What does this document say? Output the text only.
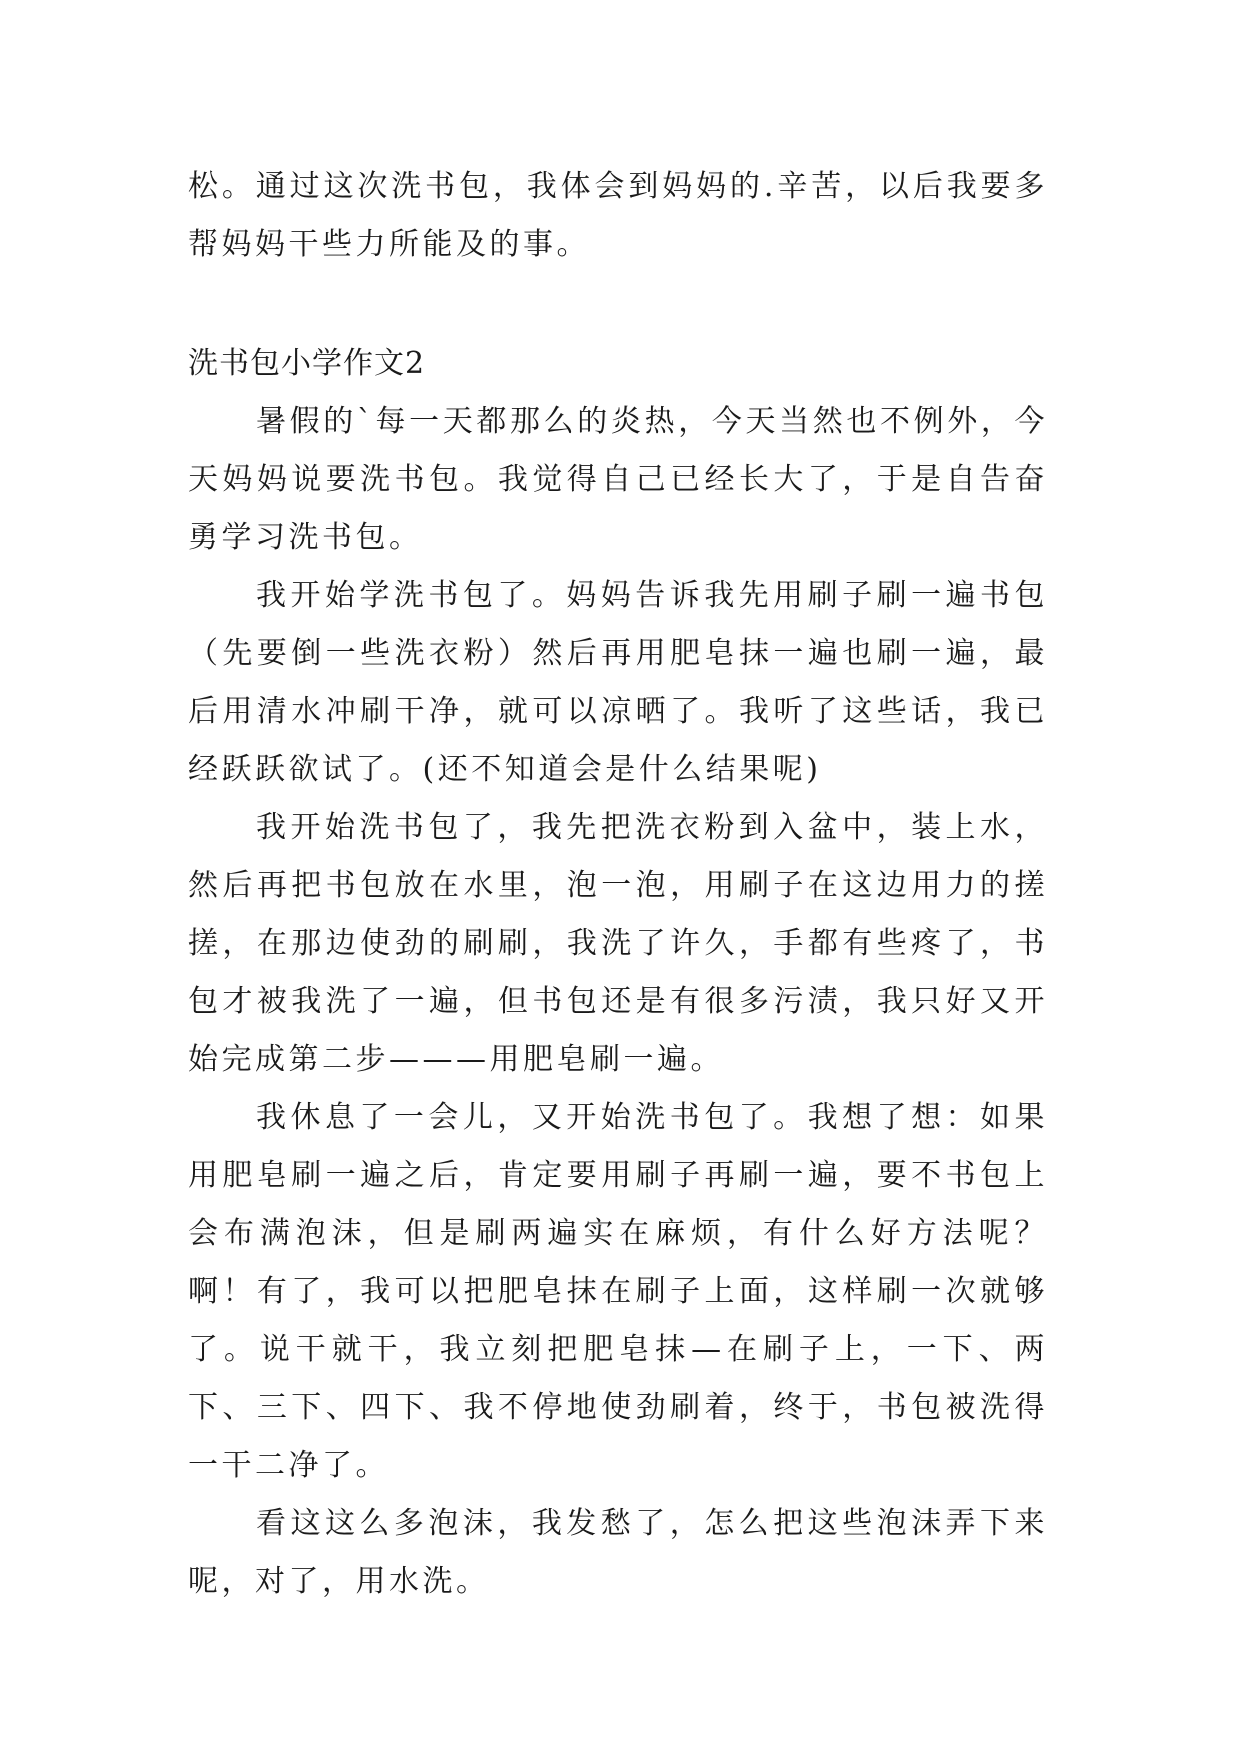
松。通过这次洗书包，我体会到妈妈的.辛苦，以后我要多帮妈妈干些力所能及的事。

洗书包小学作文2

暑假的`每一天都那么的炎热，今天当然也不例外，今天妈妈说要洗书包。我觉得自己已经长大了，于是自告奋勇学习洗书包。

我开始学洗书包了。妈妈告诉我先用刷子刷一遍书包（先要倒一些洗衣粉）然后再用肥皂抹一遍也刷一遍，最后用清水冲刷干净，就可以凉晒了。我听了这些话，我已经跃跃欲试了。(还不知道会是什么结果呢)

我开始洗书包了，我先把洗衣粉到入盆中，装上水，然后再把书包放在水里，泡一泡，用刷子在这边用力的搓搓，在那边使劲的刷刷，我洗了许久，手都有些疼了，书包才被我洗了一遍，但书包还是有很多污渍，我只好又开始完成第二步———用肥皂刷一遍。

我休息了一会儿，又开始洗书包了。我想了想：如果用肥皂刷一遍之后，肯定要用刷子再刷一遍，要不书包上会布满泡沫，但是刷两遍实在麻烦，有什么好方法呢？啊！有了，我可以把肥皂抹在刷子上面，这样刷一次就够了。说干就干，我立刻把肥皂抹—在刷子上，一下、两下、三下、四下、我不停地使劲刷着，终于，书包被洗得一干二净了。

看这这么多泡沫，我发愁了，怎么把这些泡沫弄下来呢，对了，用水洗。
